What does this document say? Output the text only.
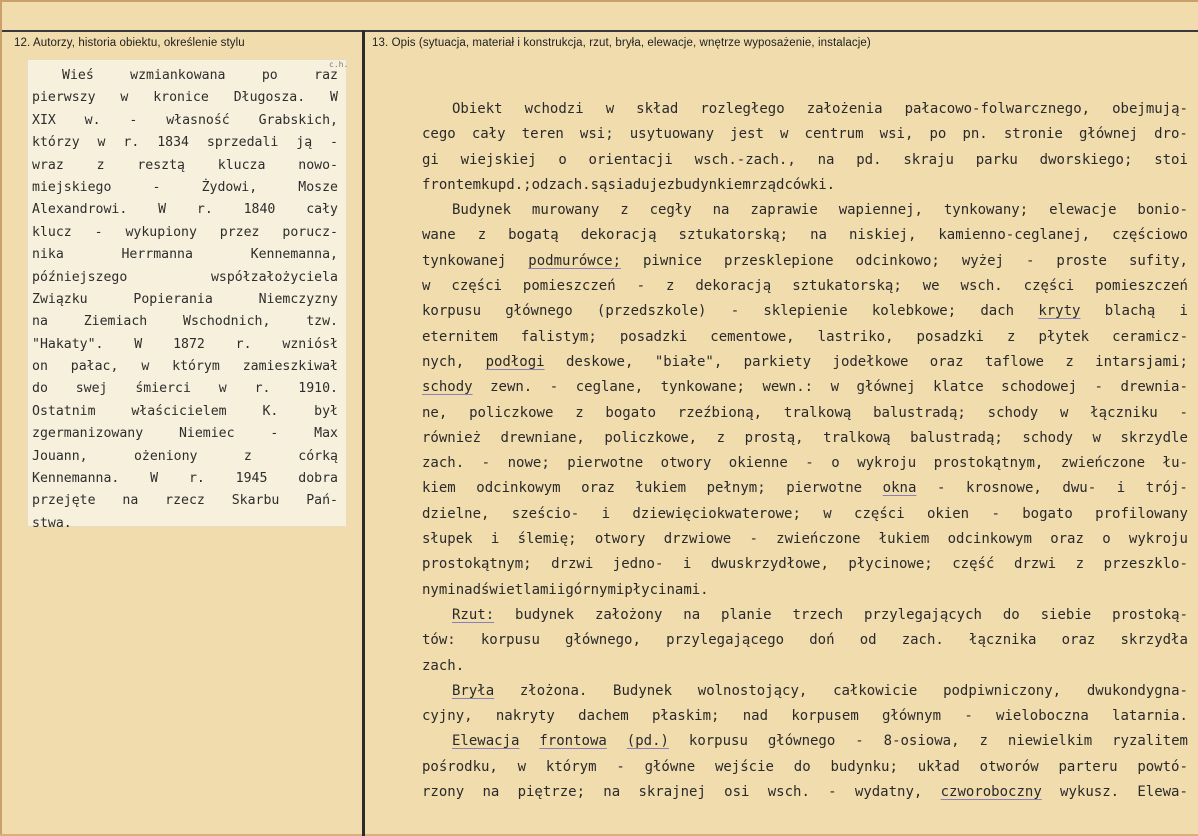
12. Autorzy, historia obiektu, określenie stylu	13. Opis (sytuacja, materiał i konstrukcja, rzut, bryła, elewacje, wnętrze wyposażenie, instalacje)
c.h.
Wieś	wzmiankowana	po	raz
pierwszy w kronice Długosza. W
XIX w. - własność Grabskich,
którzy w r. 1834 sprzedali ją -
wraz z resztą klucza nowo-
miejskiego	-	Żydowi,	Mosze
Alexandrowi. W r. 1840 cały
klucz - wykupiony przez porucz-
nika	Herrmanna	Kennemanna,
późniejszego	współzałożyciela
Związku	Popierania	Niemczyzny
na	Ziemiach	Wschodnich,	tzw.
"Hakaty". W 1872 r. wzniósł
on pałac, w którym zamieszkiwał
do swej śmierci w r. 1910.
Ostatnim	właścicielem	K.	był
zgermanizowany	Niemiec	-	Max
Jouann,	ożeniony	z	córką
Kennemanna. W r. 1945 dobra
przejęte na rzecz Skarbu Pań-
stwa.
Obiekt wchodzi w skład rozległego założenia pałacowo-folwarcznego, obejmują-
cego cały teren wsi; usytuowany jest w centrum wsi, po pn. stronie głównej dro-
gi wiejskiej o orientacji wsch.-zach., na pd. skraju parku dworskiego; stoi
frontem ku pd.; od zach. sąsiaduje z budynkiem rządcówki.
Budynek murowany z cegły na zaprawie wapiennej, tynkowany; elewacje bonio-
wane z bogatą dekoracją sztukatorską; na niskiej, kamienno-ceglanej, częściowo
tynkowanej podmurówce; piwnice przesklepione odcinkowo; wyżej - proste sufity,
w części pomieszczeń - z dekoracją sztukatorską; we wsch. części pomieszczeń
korpusu głównego (przedszkole) - sklepienie kolebkowe; dach kryty blachą i
eternitem falistym; posadzki cementowe, lastriko, posadzki z płytek ceramicz-
nych, podłogi deskowe, "białe", parkiety jodełkowe oraz taflowe z intarsjami;
schody zewn. - ceglane, tynkowane; wewn.: w głównej klatce schodowej - drewnia-
ne, policzkowe z bogato rzeźbioną, tralkową balustradą; schody w łączniku -
również drewniane, policzkowe, z prostą, tralkową balustradą; schody w skrzydle
zach. - nowe; pierwotne otwory okienne - o wykroju prostokątnym, zwieńczone łu-
kiem odcinkowym oraz łukiem pełnym; pierwotne okna - krosnowe, dwu- i trój-
dzielne, sześcio- i dziewięciokwaterowe; w części okien - bogato profilowany
słupek i ślemię; otwory drzwiowe - zwieńczone łukiem odcinkowym oraz o wykroju
prostokątnym; drzwi jedno- i dwuskrzydłowe, płycinowe; część drzwi z przeszklo-
nymi nadświetlami i górnymi płycinami.
Rzut: budynek założony na planie trzech przylegających do siebie prostoką-
tów: korpusu głównego, przylegającego doń od zach. łącznika oraz skrzydła
zach.
Bryła złożona. Budynek wolnostojący, całkowicie podpiwniczony, dwukondygna-
cyjny, nakryty dachem płaskim; nad korpusem głównym - wieloboczna latarnia.
Elewacja frontowa (pd.) korpusu głównego - 8-osiowa, z niewielkim ryzalitem
pośrodku, w którym - główne wejście do budynku; układ otworów parteru powtó-
rzony na piętrze; na skrajnej osi wsch. - wydatny, czworoboczny wykusz. Elewa-
